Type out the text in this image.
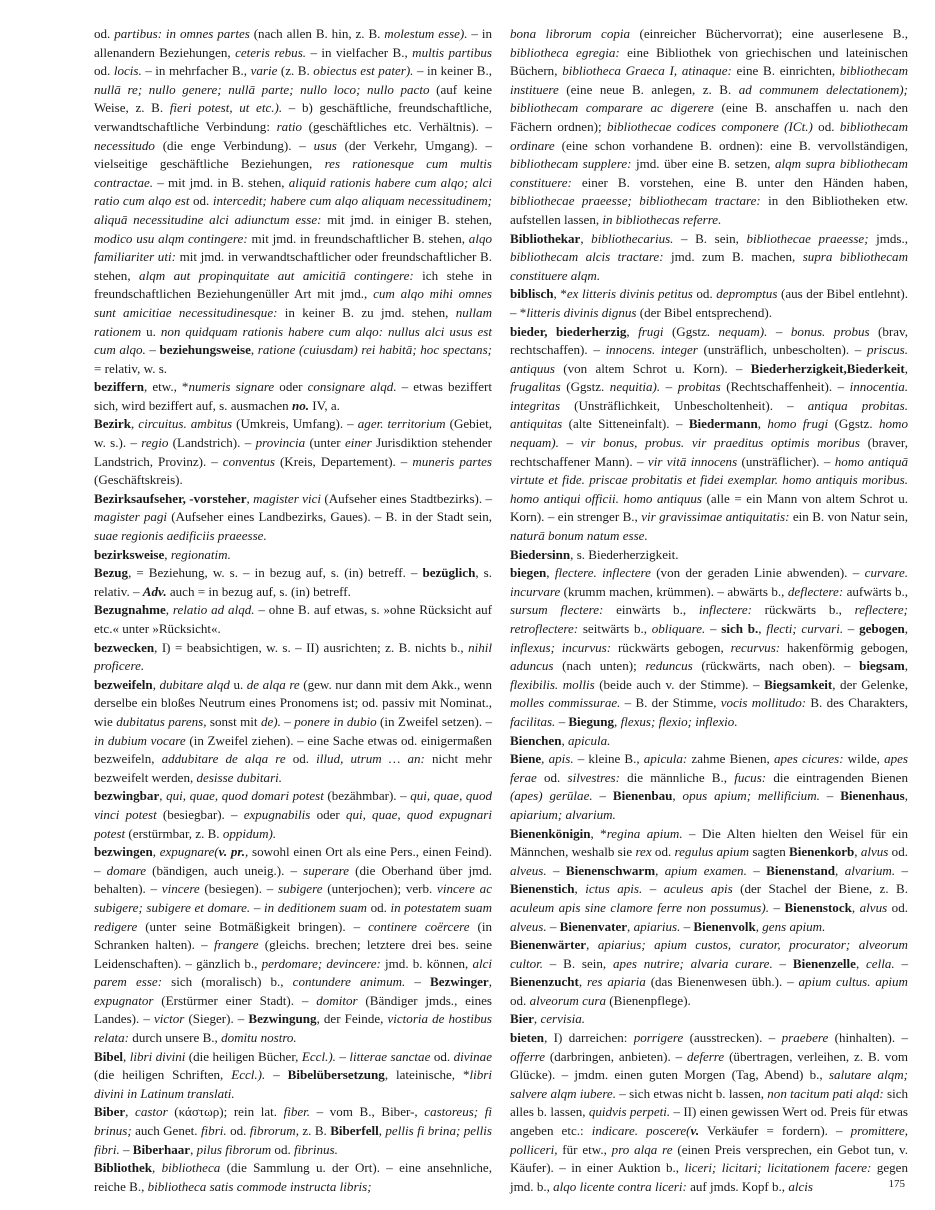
od. partibus: in omnes partes (nach allen B. hin, z. B. molestum esse). – in allenandern Beziehungen, ceteris rebus. – in vielfacher B., multis partibus od. locis. – in mehrfacher B., varie (z. B. obiectus est pater). – in keiner B., nullā re; nullo genere; nullā parte; nullo loco; nullo pacto (auf keine Weise, z. B. fieri potest, ut etc.). – b) geschäftliche, freundschaftliche, verwandtschaftliche Verbindung: ratio (geschäftliches etc. Verhältnis). – necessitudo (die enge Verbindung). – usus (der Verkehr, Umgang). – vielseitige geschäftliche Beziehungen, res rationesque cum multis contractae. – mit jmd. in B. stehen, aliquid rationis habere cum alqo; alci ratio cum alqo est od. intercedit; habere cum alqo aliquam necessitudinem; aliquā necessitudine alci adiunctum esse: mit jmd. in einiger B. stehen, modico usu alqm contingere: mit jmd. in freundschaftlicher B. stehen, alqo familiariter uti: mit jmd. in verwandtschaftlicher oder freundschaftlicher B. stehen, alqm aut propinquitate aut amicitiā contingere: ich stehe in freundschaftlichen Beziehungenüller Art mit jmd., cum alqo mihi omnes sunt amicitiae necessitudinesque: in keiner B. zu jmd. stehen, nullam rationem u. non quidquam rationis habere cum alqo: nullus alci usus est cum alqo. – beziehungsweise, ratione (cuiusdam) rei habitā; hoc spectans; = relativ, w. s.

beziffern, etw., *numeris signare oder consignare alqd. – etwas beziffert sich, wird beziffert auf, s. ausmachen no. IV, a.

Bezirk, circuitus. ambitus (Umkreis, Umfang). – ager. territorium (Gebiet, w. s.). – regio (Landstrich). – provincia (unter einer Jurisdiktion stehender Landstrich, Provinz). – conventus (Kreis, Departement). – muneris partes (Geschäftskreis).

Bezirksaufseher, -vorsteher, magister vici (Aufseher eines Stadtbezirks). – magister pagi (Aufseher eines Landbezirks, Gaues). – B. in der Stadt sein, suae regionis aedificiis praeesse.

bezirksweise, regionatim.

Bezug, = Beziehung, w. s. – in bezug auf, s. (in) betreff. – bezüglich, s. relativ. – Adv. auch = in bezug auf, s. (in) betreff.

Bezugnahme, relatio ad alqd. – ohne B. auf etwas, s. »ohne Rücksicht auf etc.« unter »Rücksicht«.

bezwecken, I) = beabsichtigen, w. s. – II) ausrichten; z. B. nichts b., nihil proficere.

bezweifeln, dubitare alqd u. de alqa re (gew. nur dann mit dem Akk., wenn derselbe ein bloßes Neutrum eines Pronomens ist; od. passiv mit Nominat., wie dubitatus parens, sonst mit de). – ponere in dubio (in Zweifel setzen). – in dubium vocare (in Zweifel ziehen). – eine Sache etwas od. einigermaßen bezweifeln, addubitare de alqa re od. illud, utrum … an: nicht mehr bezweifelt werden, desisse dubitari.

bezwingbar, qui, quae, quod domari potest (bezähmbar). – qui, quae, quod vinci potest (besiegbar). – expugnabilis oder qui, quae, quod expugnari potest (erstürmbar, z. B. oppidum).

bezwingen, expugnare(v. pr., sowohl einen Ort als eine Pers., einen Feind). – domare (bändigen, auch uneig.). – superare (die Oberhand über jmd. behalten). – vincere (besiegen). – subigere (unterjochen); verb. vincere ac subigere; subigere et domare. – in deditionem suam od. in potestatem suam redigere (unter seine Botmäßigkeit bringen). – continere coërcere (in Schranken halten). – frangere (gleichs. brechen; letztere drei bes. seine Leidenschaften). – gänzlich b., perdomare; devincere: jmd. b. können, alci parem esse: sich (moralisch) b., contundere animum. – Bezwinger, expugnator (Erstürmer einer Stadt). – domitor (Bändiger jmds., eines Landes). – victor (Sieger). – Bezwingung, der Feinde, victoria de hostibus relata: durch unsere B., domitu nostro.

Bibel, libri divini (die heiligen Bücher, Eccl.). – litterae sanctae od. divinae (die heiligen Schriften, Eccl.). – Bibelübersetzung, lateinische, *libri divini in Latinum translati.

Biber, castor (κάστωρ); rein lat. fiber. – vom B., Biber-, castoreus; fi brinus; auch Genet. fibri. od. fibrorum, z. B. Biberfell, pellis fi brina; pellis fibri. – Biberhaar, pilus fibrorum od. fibrinus.

Bibliothek, bibliotheca (die Sammlung u. der Ort). – eine ansehnliche, reiche B., bibliotheca satis commode instructa libris;

bona librorum copia (einreicher Büchervorrat); eine auserlesene B., bibliotheca egregia: eine Bibliothek von griechischen und lateinischen Büchern, bibliotheca Graeca I, atinaque: eine B. einrichten, bibliothecam instituere (eine neue B. anlegen, z. B. ad communem delectationem); bibliothecam comparare ac digerere (eine B. anschaffen u. nach den Fächern ordnen); bibliothecae codices componere (ICt.) od. bibliothecam ordinare (eine schon vorhandene B. ordnen): eine B. vervollständigen, bibliothecam supplere: jmd. über eine B. setzen, alqm supra bibliothecam constituere: einer B. vorstehen, eine B. unter den Händen haben, bibliothecae praeesse; bibliothecam tractare: in den Bibliotheken etw. aufstellen lassen, in bibliothecas referre.

Bibliothekar, bibliothecarius. – B. sein, bibliothecae praeesse; jmds., bibliothecam alcis tractare: jmd. zum B. machen, supra bibliothecam constituere alqm.

biblisch, *ex litteris divinis petitus od. depromptus (aus der Bibel entlehnt). – *litteris divinis dignus (der Bibel entsprechend).

bieder, biederherzig, frugi (Ggstz. nequam). – bonus. probus (brav, rechtschaffen). – innocens. integer (unsträflich, unbescholten). – priscus. antiquus (von altem Schrot u. Korn). – Biederherzigkeit,Biederkeit, frugalitas (Ggstz. nequitia). – probitas (Rechtschaffenheit). – innocentia. integritas (Unsträflichkeit, Unbescholtenheit). – antiqua probitas. antiquitas (alte Sitteneinfalt). – Biedermann, homo frugi (Ggstz. homo nequam). – vir bonus, probus. vir praeditus optimis moribus (braver, rechtschaffener Mann). – vir vitā innocens (unsträflicher). – homo antiquā virtute et fide. priscae probitatis et fidei exemplar. homo antiquis moribus. homo antiqui officii. homo antiquus (alle = ein Mann von altem Schrot u. Korn). – ein strenger B., vir gravissimae antiquitatis: ein B. von Natur sein, naturā bonum natum esse.

Biedersinn, s. Biederherzigkeit.

biegen, flectere. inflectere (von der geraden Linie abwenden). – curvare. incurvare (krumm machen, krümmen). – abwärts b., deflectere: aufwärts b., sursum flectere: einwärts b., inflectere: rückwärts b., reflectere; retroflectere: seitwärts b., obliquare. – sich b., flecti; curvari. – gebogen, inflexus; incurvus: rückwärts gebogen, recurvus: hakenförmig gebogen, aduncus (nach unten); reduncus (rückwärts, nach oben). – biegsam, flexibilis. mollis (beide auch v. der Stimme). – Biegsamkeit, der Gelenke, molles commissurae. – B. der Stimme, vocis mollitudo: B. des Charakters, facilitas. – Biegung, flexus; flexio; inflexio.

Bienchen, apicula.

Biene, apis. – kleine B., apicula: zahme Bienen, apes cicures: wilde, apes ferae od. silvestres: die männliche B., fucus: die eintragenden Bienen (apes) gerūlae. – Bienenbau, opus apium; mellificium. – Bienenhaus, apiarium; alvarium.

Bienenkönigin, *regina apium. – Die Alten hielten den Weisel für ein Männchen, weshalb sie rex od. regulus apium sagten Bienenkorb, alvus od. alveus. – Bienenschwarm, apium examen. – Bienenstand, alvarium. – Bienenstich, ictus apis. – aculeus apis (der Stachel der Biene, z. B. aculeum apis sine clamore ferre non possumus). – Bienenstock, alvus od. alveus. – Bienenvater, apiarius. – Bienenvolk, gens apium.

Bienenwärter, apiarius; apium custos, curator, procurator; alveorum cultor. – B. sein, apes nutrire; alvaria curare. – Bienenzelle, cella. – Bienenzucht, res apiaria (das Bienenwesen übh.). – apium cultus. apium od. alveorum cura (Bienenpflege).

Bier, cervisia.

bieten, I) darreichen: porrigere (ausstrecken). – praebere (hinhalten). – offerre (darbringen, anbieten). – deferre (übertragen, verleihen, z. B. vom Glücke). – jmdm. einen guten Morgen (Tag, Abend) b., salutare alqm; salvere alqm iubere. – sich etwas nicht b. lassen, non tacitum pati alqd: sich alles b. lassen, quidvis perpeti. – II) einen gewissen Wert od. Preis für etwas angeben etc.: indicare. poscere(v. Verkäufer = fordern). – promittere, polliceri, für etw., pro alqa re (einen Preis versprechen, ein Gebot tun, v. Käufer). – in einer Auktion b., liceri; licitari; licitationem facere: gegen jmd. b., alqo licente contra liceri: auf jmds. Kopf b., alcis	175
